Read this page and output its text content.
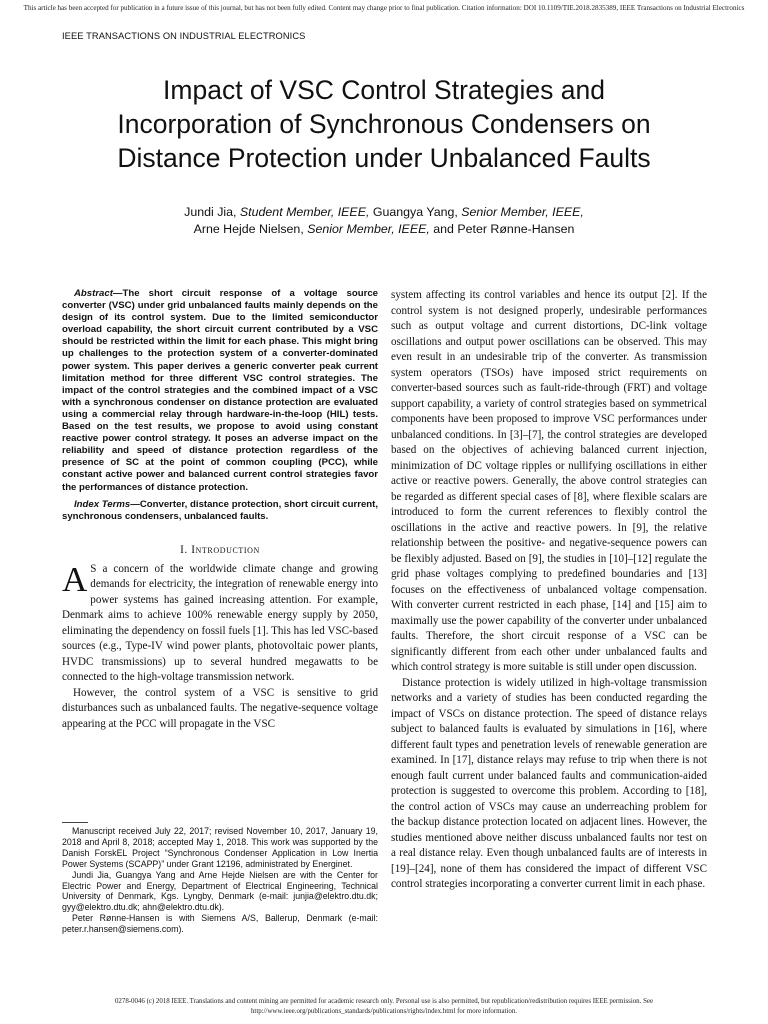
This article has been accepted for publication in a future issue of this journal, but has not been fully edited. Content may change prior to final publication. Citation information: DOI 10.1109/TIE.2018.2835389, IEEE Transactions on Industrial Electronics
IEEE TRANSACTIONS ON INDUSTRIAL ELECTRONICS
Impact of VSC Control Strategies and
Incorporation of Synchronous Condensers on
Distance Protection under Unbalanced Faults
Jundi Jia, Student Member, IEEE, Guangya Yang, Senior Member, IEEE,
Arne Hejde Nielsen, Senior Member, IEEE, and Peter Rønne-Hansen

Abstract—The short circuit response of a voltage source converter (VSC) under grid unbalanced faults mainly depends on the design of its control system. Due to the limited semiconductor overload capability, the short circuit current contributed by a VSC should be restricted within the limit for each phase. This might bring up challenges to the protection system of a converter-dominated power system. This paper derives a generic converter peak current limitation method for three different VSC control strategies. The impact of the control strategies and the combined impact of a VSC with a synchronous condenser on distance protection are evaluated using a commercial relay through hardware-in-the-loop (HIL) tests. Based on the test results, we propose to avoid using constant reactive power control strategy. It poses an adverse impact on the reliability and speed of distance protection regardless of the presence of SC at the point of common coupling (PCC), while constant active power and balanced current control strategies favor the performances of distance protection.

Index Terms—Converter, distance protection, short circuit current, synchronous condensers, unbalanced faults.

I. Introduction

A S a concern of the worldwide climate change and growing demands for electricity, the integration of renewable energy into power systems has gained increasing attention. For example, Denmark aims to achieve 100% renewable energy supply by 2050, eliminating the dependency on fossil fuels [1]. This has led VSC-based sources (e.g., Type-IV wind power plants, photovoltaic power plants, HVDC transmissions) up to several hundred megawatts to be connected to the high-voltage transmission network.

However, the control system of a VSC is sensitive to grid disturbances such as unbalanced faults. The negative-sequence voltage appearing at the PCC will propagate in the VSC

Manuscript received July 22, 2017; revised November 10, 2017, January 19, 2018 and April 8, 2018; accepted May 1, 2018. This work was supported by the Danish ForskEL Project “Synchronous Condenser Application in Low Inertia Power Systems (SCAPP)” under Grant 12196, administrated by Energinet.

Jundi Jia, Guangya Yang and Arne Hejde Nielsen are with the Center for Electric Power and Energy, Department of Electrical Engineering, Technical University of Denmark, Kgs. Lyngby, Denmark (e-mail: junjia@elektro.dtu.dk; gyy@elektro.dtu.dk; ahn@elektro.dtu.dk).

Peter Rønne-Hansen is with Siemens A/S, Ballerup, Denmark (e-mail: peter.r.hansen@siemens.com).

system affecting its control variables and hence its output [2]. If the control system is not designed properly, undesirable performances such as output voltage and current distortions, DC-link voltage oscillations and output power oscillations can be observed. This may even result in an undesirable trip of the converter. As transmission system operators (TSOs) have imposed strict requirements on converter-based sources such as fault-ride-through (FRT) and voltage support capability, a variety of control strategies based on symmetrical components have been proposed to improve VSC performances under unbalanced conditions. In [3]–[7], the control strategies are developed based on the objectives of achieving balanced current injection, minimization of DC voltage ripples or nullifying oscillations in either active or reactive powers. Generally, the above control strategies can be regarded as different special cases of [8], where flexible scalars are introduced to form the current references to flexibly control the oscillations in the active and reactive powers. In [9], the relative relationship between the positive- and negative-sequence powers can be flexibly adjusted. Based on [9], the studies in [10]–[12] regulate the grid phase voltages complying to predefined boundaries and [13] focuses on the effectiveness of unbalanced voltage compensation. With converter current restricted in each phase, [14] and [15] aim to maximally use the power capability of the converter under unbalanced faults. Therefore, the short circuit response of a VSC can be significantly different from each other under unbalanced faults and which control strategy is more suitable is still under open discussion.

Distance protection is widely utilized in high-voltage transmission networks and a variety of studies has been conducted regarding the impact of VSCs on distance protection. The speed of distance relays subject to balanced faults is evaluated by simulations in [16], where different fault types and penetration levels of renewable generation are examined. In [17], distance relays may refuse to trip when there is not enough fault current under balanced faults and communication-aided protection is suggested to overcome this problem. According to [18], the control action of VSCs may cause an underreaching problem for the backup distance protection located on adjacent lines. However, the studies mentioned above neither discuss unbalanced faults nor test on a real distance relay. Even though unbalanced faults are of interests in [19]–[24], none of them has considered the impact of different VSC control strategies incorporating a converter current limit in each phase.

0278-0046 (c) 2018 IEEE. Translations and content mining are permitted for academic research only. Personal use is also permitted, but republication/redistribution requires IEEE permission. See
http://www.ieee.org/publications_standards/publications/rights/index.html for more information.
